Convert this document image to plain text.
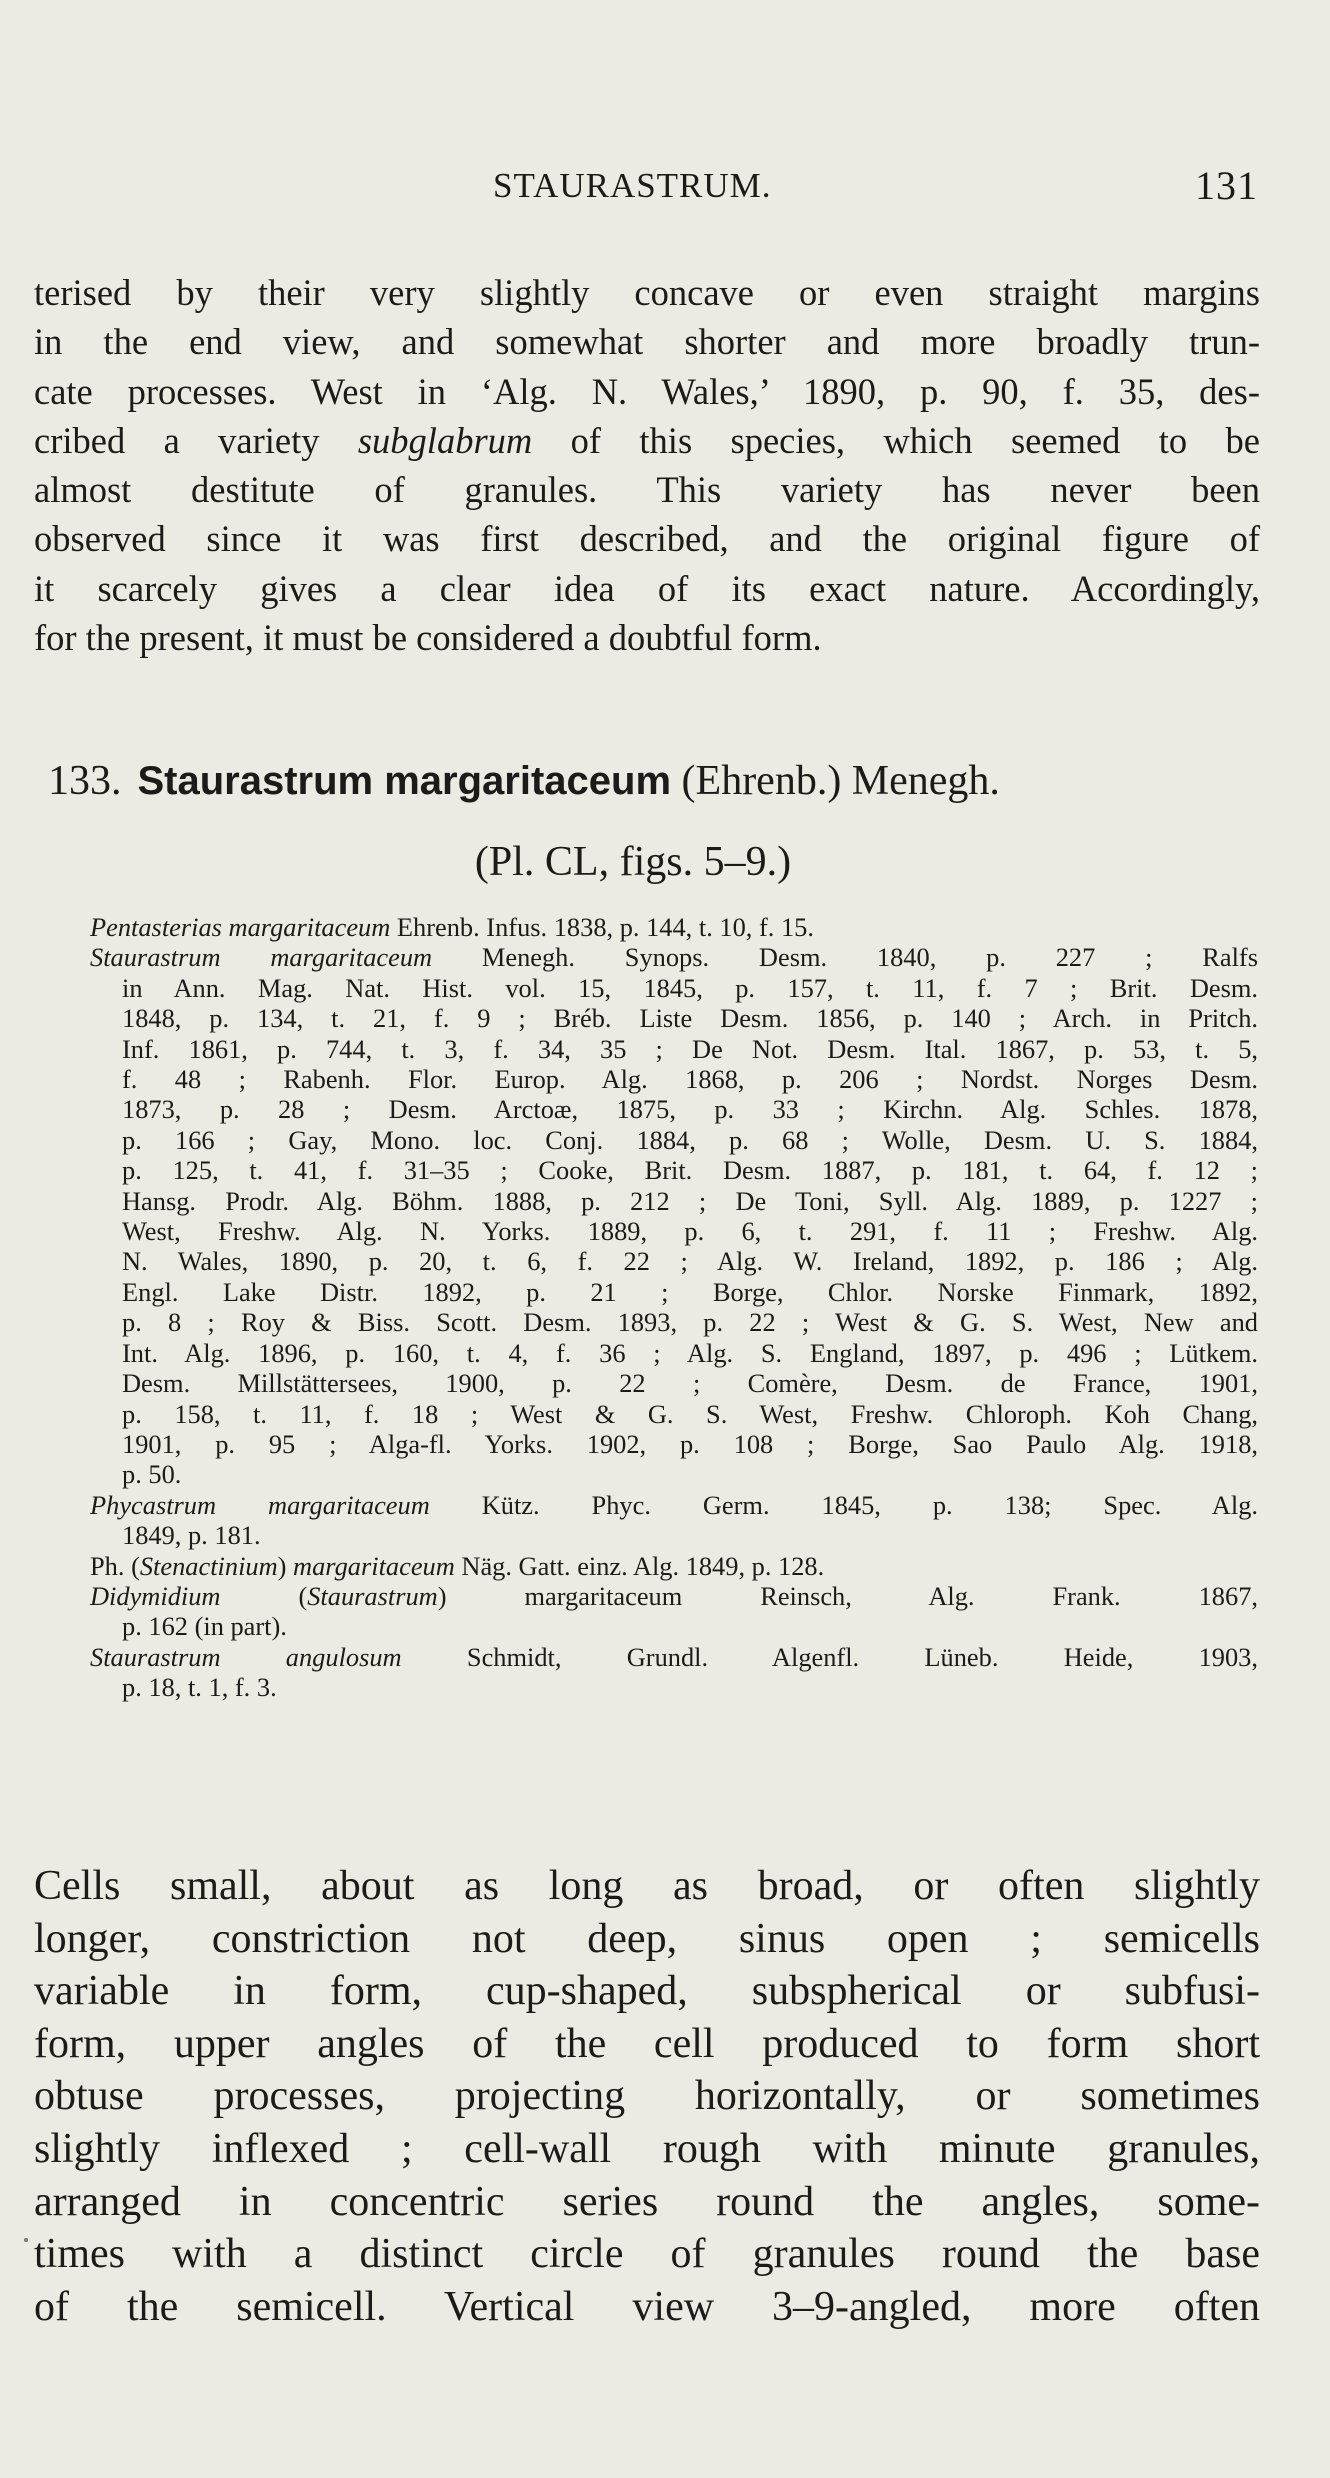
STAURASTRUM.	131
terised by their very slightly concave or even straight margins
in the end view, and somewhat shorter and more broadly trun-
cate processes. West in ‘Alg. N. Wales,’ 1890, p. 90, f. 35, des-
cribed a variety subglabrum of this species, which seemed to be
almost destitute of granules. This variety has never been
observed since it was first described, and the original figure of
it scarcely gives a clear idea of its exact nature. Accordingly,
for the present, it must be considered a doubtful form.
133. Staurastrum margaritaceum (Ehrenb.) Menegh.
(Pl. CL, figs. 5–9.)
Pentasterias margaritaceum Ehrenb. Infus. 1838, p. 144, t. 10, f. 15.
Staurastrum margaritaceum Menegh. Synops. Desm. 1840, p. 227 ; Ralfs
in Ann. Mag. Nat. Hist. vol. 15, 1845, p. 157, t. 11, f. 7 ; Brit. Desm.
1848, p. 134, t. 21, f. 9 ; Bréb. Liste Desm. 1856, p. 140 ; Arch. in Pritch.
Inf. 1861, p. 744, t. 3, f. 34, 35 ; De Not. Desm. Ital. 1867, p. 53, t. 5,
f. 48 ; Rabenh. Flor. Europ. Alg. 1868, p. 206 ; Nordst. Norges Desm.
1873, p. 28 ; Desm. Arctoæ, 1875, p. 33 ; Kirchn. Alg. Schles. 1878,
p. 166 ; Gay, Mono. loc. Conj. 1884, p. 68 ; Wolle, Desm. U. S. 1884,
p. 125, t. 41, f. 31–35 ; Cooke, Brit. Desm. 1887, p. 181, t. 64, f. 12 ;
Hansg. Prodr. Alg. Böhm. 1888, p. 212 ; De Toni, Syll. Alg. 1889, p. 1227 ;
West, Freshw. Alg. N. Yorks. 1889, p. 6, t. 291, f. 11 ; Freshw. Alg.
N. Wales, 1890, p. 20, t. 6, f. 22 ; Alg. W. Ireland, 1892, p. 186 ; Alg.
Engl. Lake Distr. 1892, p. 21 ; Borge, Chlor. Norske Finmark, 1892,
p. 8 ; Roy & Biss. Scott. Desm. 1893, p. 22 ; West & G. S. West, New and
Int. Alg. 1896, p. 160, t. 4, f. 36 ; Alg. S. England, 1897, p. 496 ; Lütkem.
Desm. Millstättersees, 1900, p. 22 ; Comère, Desm. de France, 1901,
p. 158, t. 11, f. 18 ; West & G. S. West, Freshw. Chloroph. Koh Chang,
1901, p. 95 ; Alga-fl. Yorks. 1902, p. 108 ; Borge, Sao Paulo Alg. 1918,
p. 50.
Phycastrum margaritaceum Kütz. Phyc. Germ. 1845, p. 138; Spec. Alg.
1849, p. 181.
Ph. (Stenactinium) margaritaceum Näg. Gatt. einz. Alg. 1849, p. 128.
Didymidium (Staurastrum) margaritaceum Reinsch, Alg. Frank. 1867,
p. 162 (in part).
Staurastrum angulosum Schmidt, Grundl. Algenfl. Lüneb. Heide, 1903,
p. 18, t. 1, f. 3.
Cells small, about as long as broad, or often slightly
longer, constriction not deep, sinus open ; semicells
variable in form, cup-shaped, subspherical or subfusi-
form, upper angles of the cell produced to form short
obtuse processes, projecting horizontally, or sometimes
slightly inflexed ; cell-wall rough with minute granules,
arranged in concentric series round the angles, some-
times with a distinct circle of granules round the base
of the semicell. Vertical view 3–9-angled, more often
